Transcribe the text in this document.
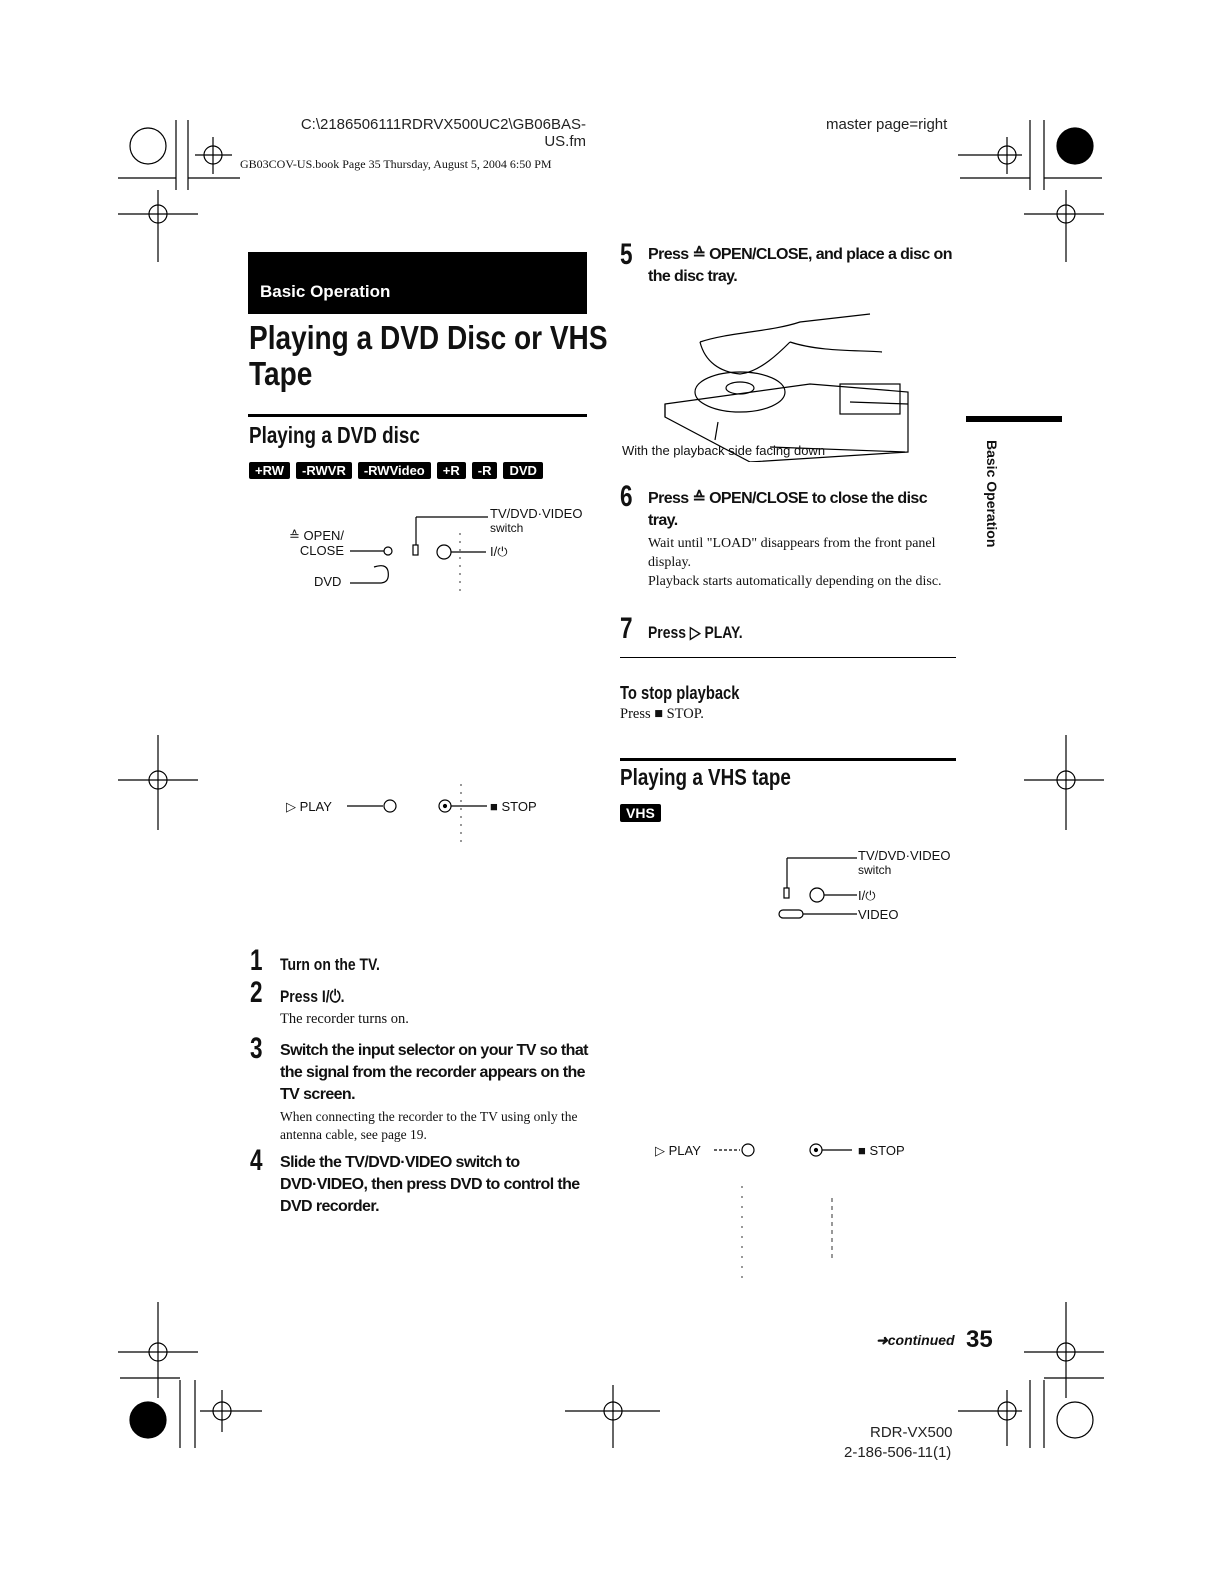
C:\2186506111RDRVX500UC2\GB06BAS-
US.fm
GB03COV-US.book Page 35 Thursday, August 5, 2004 6:50 PM
master page=right
Basic Operation
Playing a DVD Disc or VHS
Tape
Playing a DVD disc
+RW -RWVR -RWVideo +R -R DVD
≙ OPEN/
CLOSE
DVD
TV/DVD·VIDEO
switch
I/⏻
▷ PLAY	■ STOP
1 Turn on the TV.
2 Press I/⏻.
The recorder turns on.
3 Switch the input selector on your TV so that the signal from the recorder appears on the TV screen.
When connecting the recorder to the TV using only the antenna cable, see page 19.
4 Slide the TV/DVD·VIDEO switch to DVD·VIDEO, then press DVD to control the DVD recorder.
5 Press ≙ OPEN/CLOSE, and place a disc on the disc tray.
With the playback side facing down
6 Press ≙ OPEN/CLOSE to close the disc tray.
Wait until "LOAD" disappears from the front panel display.
Playback starts automatically depending on the disc.
7 Press ▷ PLAY.
To stop playback
Press ■ STOP.
Playing a VHS tape
VHS
TV/DVD·VIDEO
switch
I/⏻
VIDEO
▷ PLAY	■ STOP
Basic Operation
➜continued 35
RDR-VX500
2-186-506-11(1)
